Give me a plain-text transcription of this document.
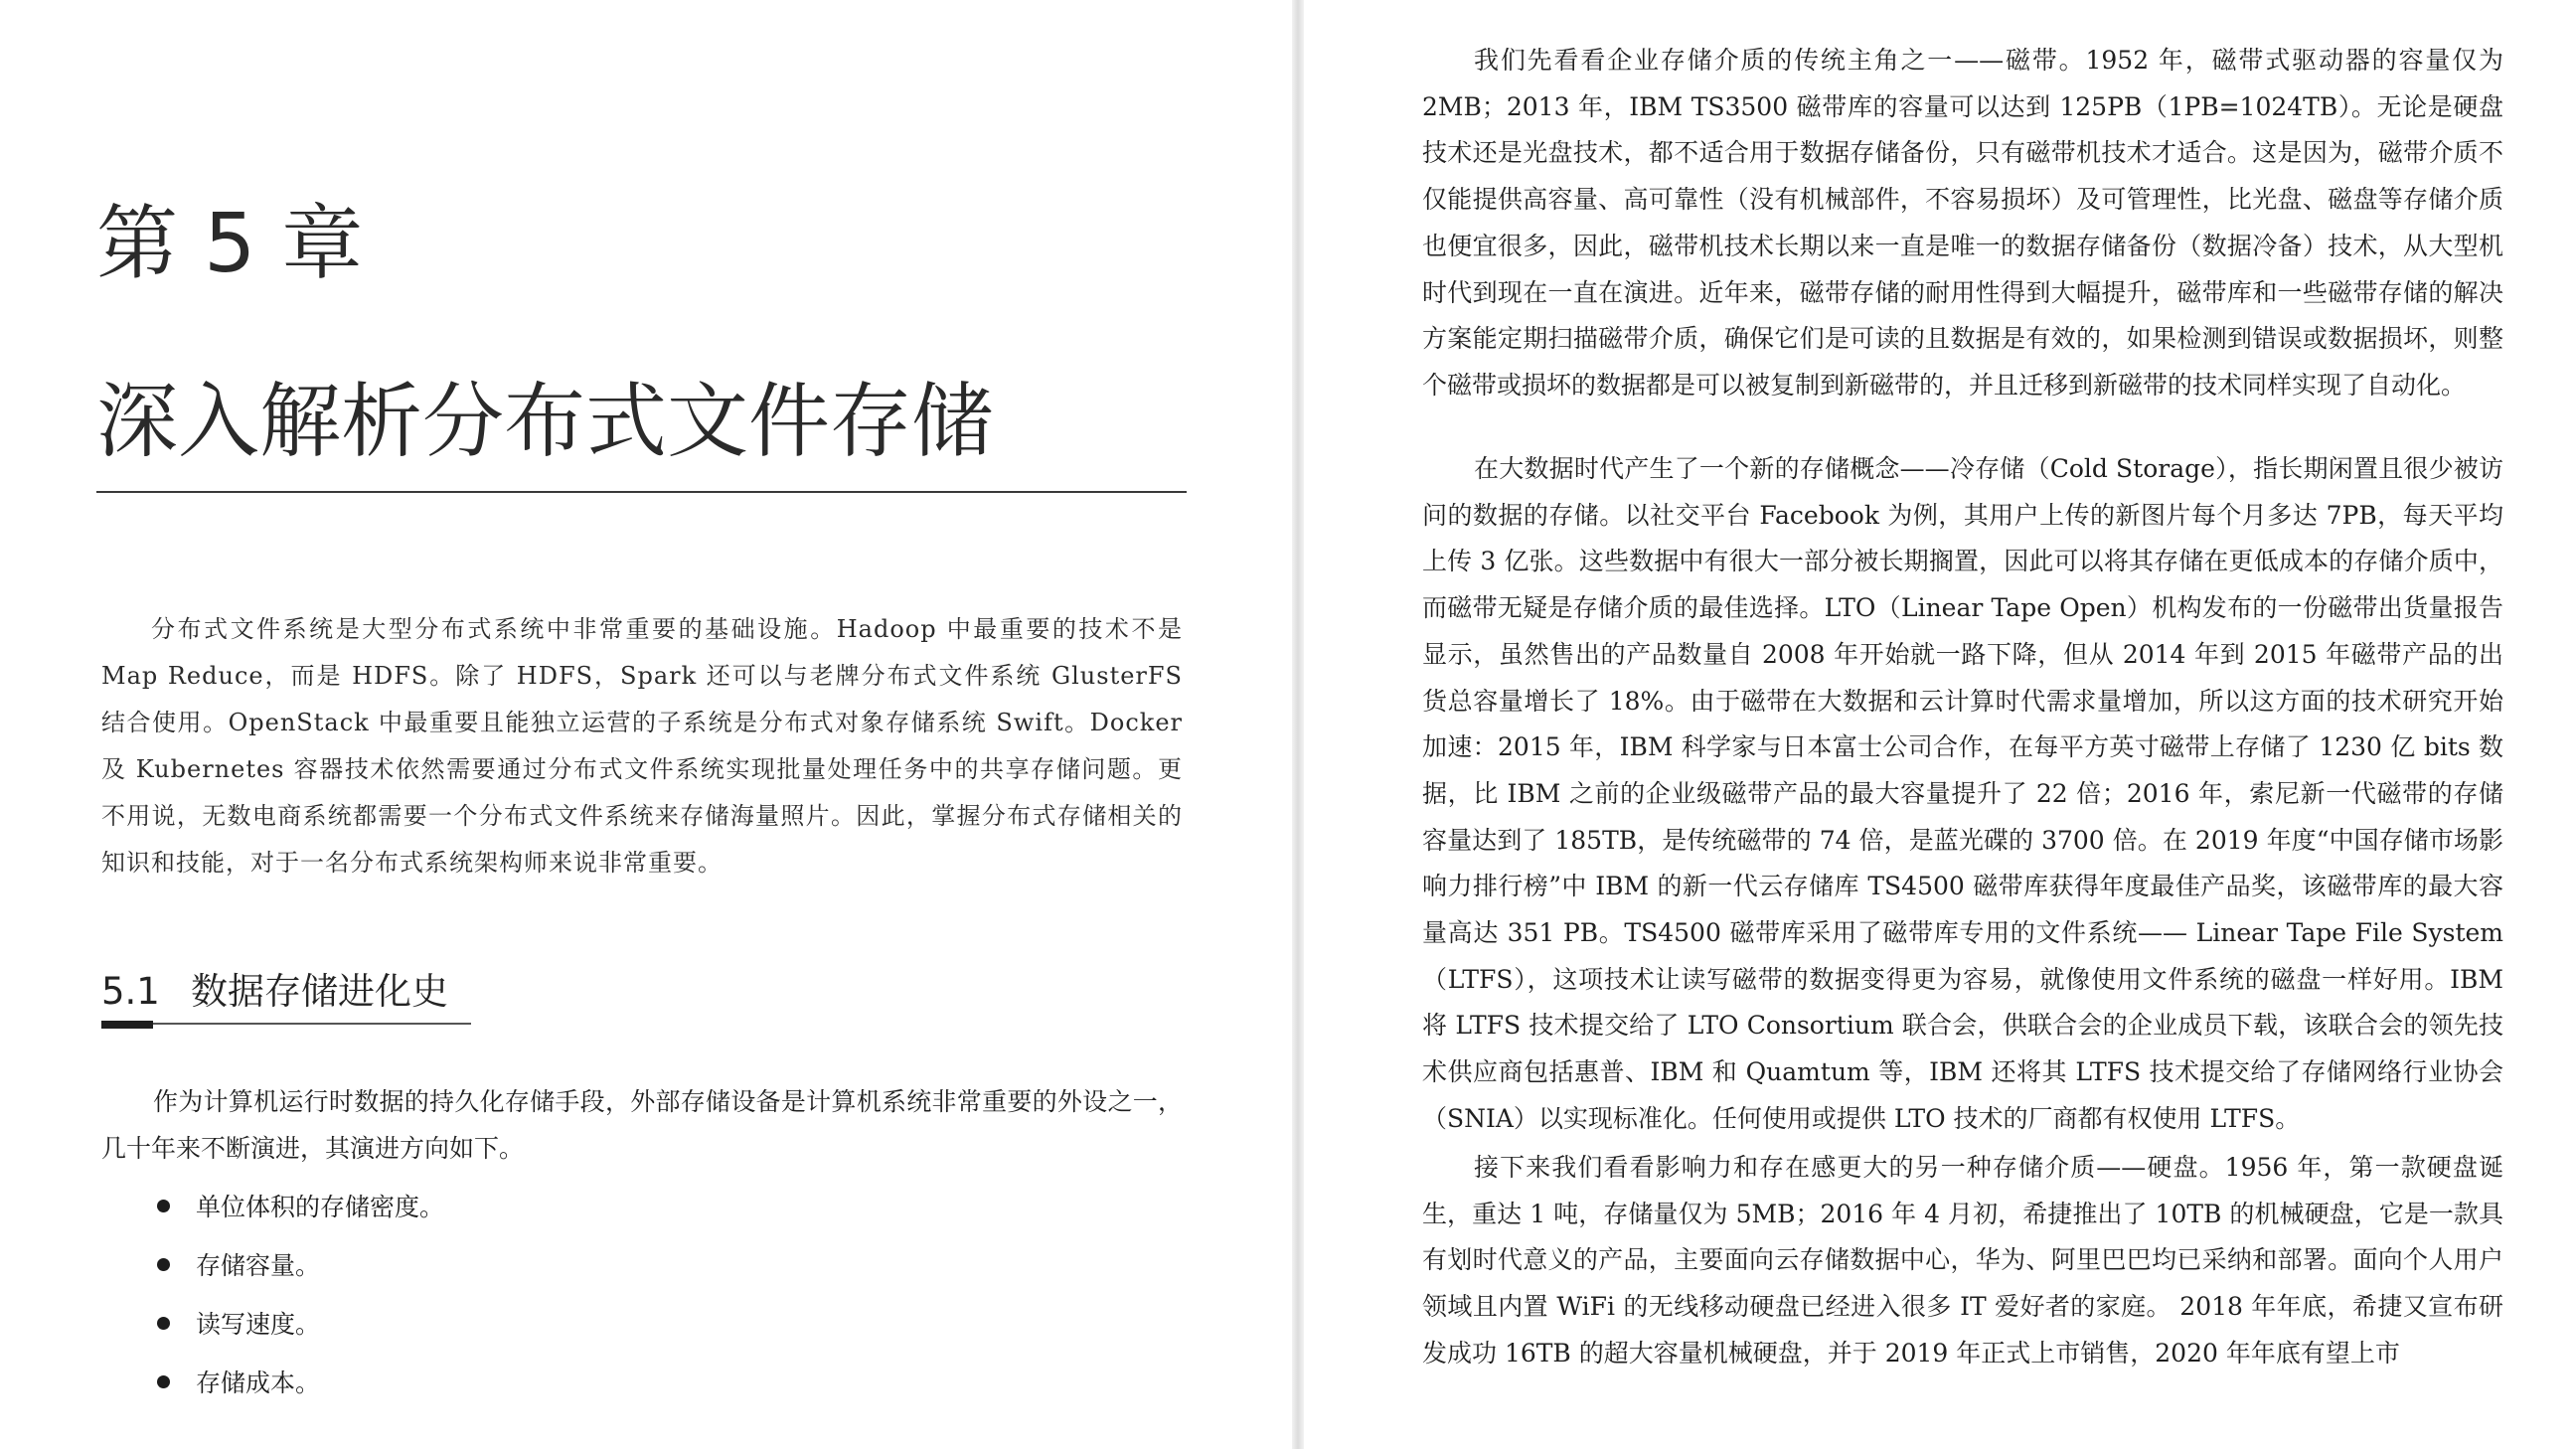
第 5 章
深入解析分布式文件存储

分布式文件系统是大型分布式系统中非常重要的基础设施。Hadoop 中最重要的技术不是 Map Reduce，而是 HDFS。除了 HDFS，Spark 还可以与老牌分布式文件系统 GlusterFS 结合使用。OpenStack 中最重要且能独立运营的子系统是分布式对象存储系统 Swift。Docker 及 Kubernetes 容器技术依然需要通过分布式文件系统实现批量处理任务中的共享存储问题。更不用说，无数电商系统都需要一个分布式文件系统来存储海量照片。因此，掌握分布式存储相关的知识和技能，对于一名分布式系统架构师来说非常重要。

5.1 数据存储进化史

作为计算机运行时数据的持久化存储手段，外部存储设备是计算机系统非常重要的外设之一，几十年来不断演进，其演进方向如下。

单位体积的存储密度。
存储容量。
读写速度。
存储成本。

我们先看看企业存储介质的传统主角之一——磁带。1952 年，磁带式驱动器的容量仅为 2MB；2013 年，IBM TS3500 磁带库的容量可以达到 125PB（1PB=1024TB）。无论是硬盘技术还是光盘技术，都不适合用于数据存储备份，只有磁带机技术才适合。这是因为，磁带介质不仅能提供高容量、高可靠性（没有机械部件，不容易损坏）及可管理性，比光盘、磁盘等存储介质也便宜很多，因此，磁带机技术长期以来一直是唯一的数据存储备份（数据冷备）技术，从大型机时代到现在一直在演进。近年来，磁带存储的耐用性得到大幅提升，磁带库和一些磁带存储的解决方案能定期扫描磁带介质，确保它们是可读的且数据是有效的，如果检测到错误或数据损坏，则整个磁带或损坏的数据都是可以被复制到新磁带的，并且迁移到新磁带的技术同样实现了自动化。

在大数据时代产生了一个新的存储概念——冷存储（Cold Storage），指长期闲置且很少被访问的数据的存储。以社交平台 Facebook 为例，其用户上传的新图片每个月多达 7PB，每天平均上传 3 亿张。这些数据中有很大一部分被长期搁置，因此可以将其存储在更低成本的存储介质中，而磁带无疑是存储介质的最佳选择。LTO（Linear Tape Open）机构发布的一份磁带出货量报告显示，虽然售出的产品数量自 2008 年开始就一路下降，但从 2014 年到 2015 年磁带产品的出货总容量增长了 18%。由于磁带在大数据和云计算时代需求量增加，所以这方面的技术研究开始加速：2015 年，IBM 科学家与日本富士公司合作，在每平方英寸磁带上存储了 1230 亿 bits 数据，比 IBM 之前的企业级磁带产品的最大容量提升了 22 倍；2016 年，索尼新一代磁带的存储容量达到了 185TB，是传统磁带的 74 倍，是蓝光碟的 3700 倍。在 2019 年度“中国存储市场影响力排行榜”中 IBM 的新一代云存储库 TS4500 磁带库获得年度最佳产品奖，该磁带库的最大容量高达 351 PB。TS4500 磁带库采用了磁带库专用的文件系统—— Linear Tape File System（LTFS），这项技术让读写磁带的数据变得更为容易，就像使用文件系统的磁盘一样好用。IBM 将 LTFS 技术提交给了 LTO Consortium 联合会，供联合会的企业成员下载，该联合会的领先技术供应商包括惠普、IBM 和 Quamtum 等，IBM 还将其 LTFS 技术提交给了存储网络行业协会（SNIA）以实现标准化。任何使用或提供 LTO 技术的厂商都有权使用 LTFS。

接下来我们看看影响力和存在感更大的另一种存储介质——硬盘。1956 年，第一款硬盘诞生，重达 1 吨，存储量仅为 5MB；2016 年 4 月初，希捷推出了 10TB 的机械硬盘，它是一款具有划时代意义的产品，主要面向云存储数据中心，华为、阿里巴巴均已采纳和部署。面向个人用户领域且内置 WiFi 的无线移动硬盘已经进入很多 IT 爱好者的家庭。 2018 年年底，希捷又宣布研发成功 16TB 的超大容量机械硬盘，并于 2019 年正式上市销售，2020 年年底有望上市
